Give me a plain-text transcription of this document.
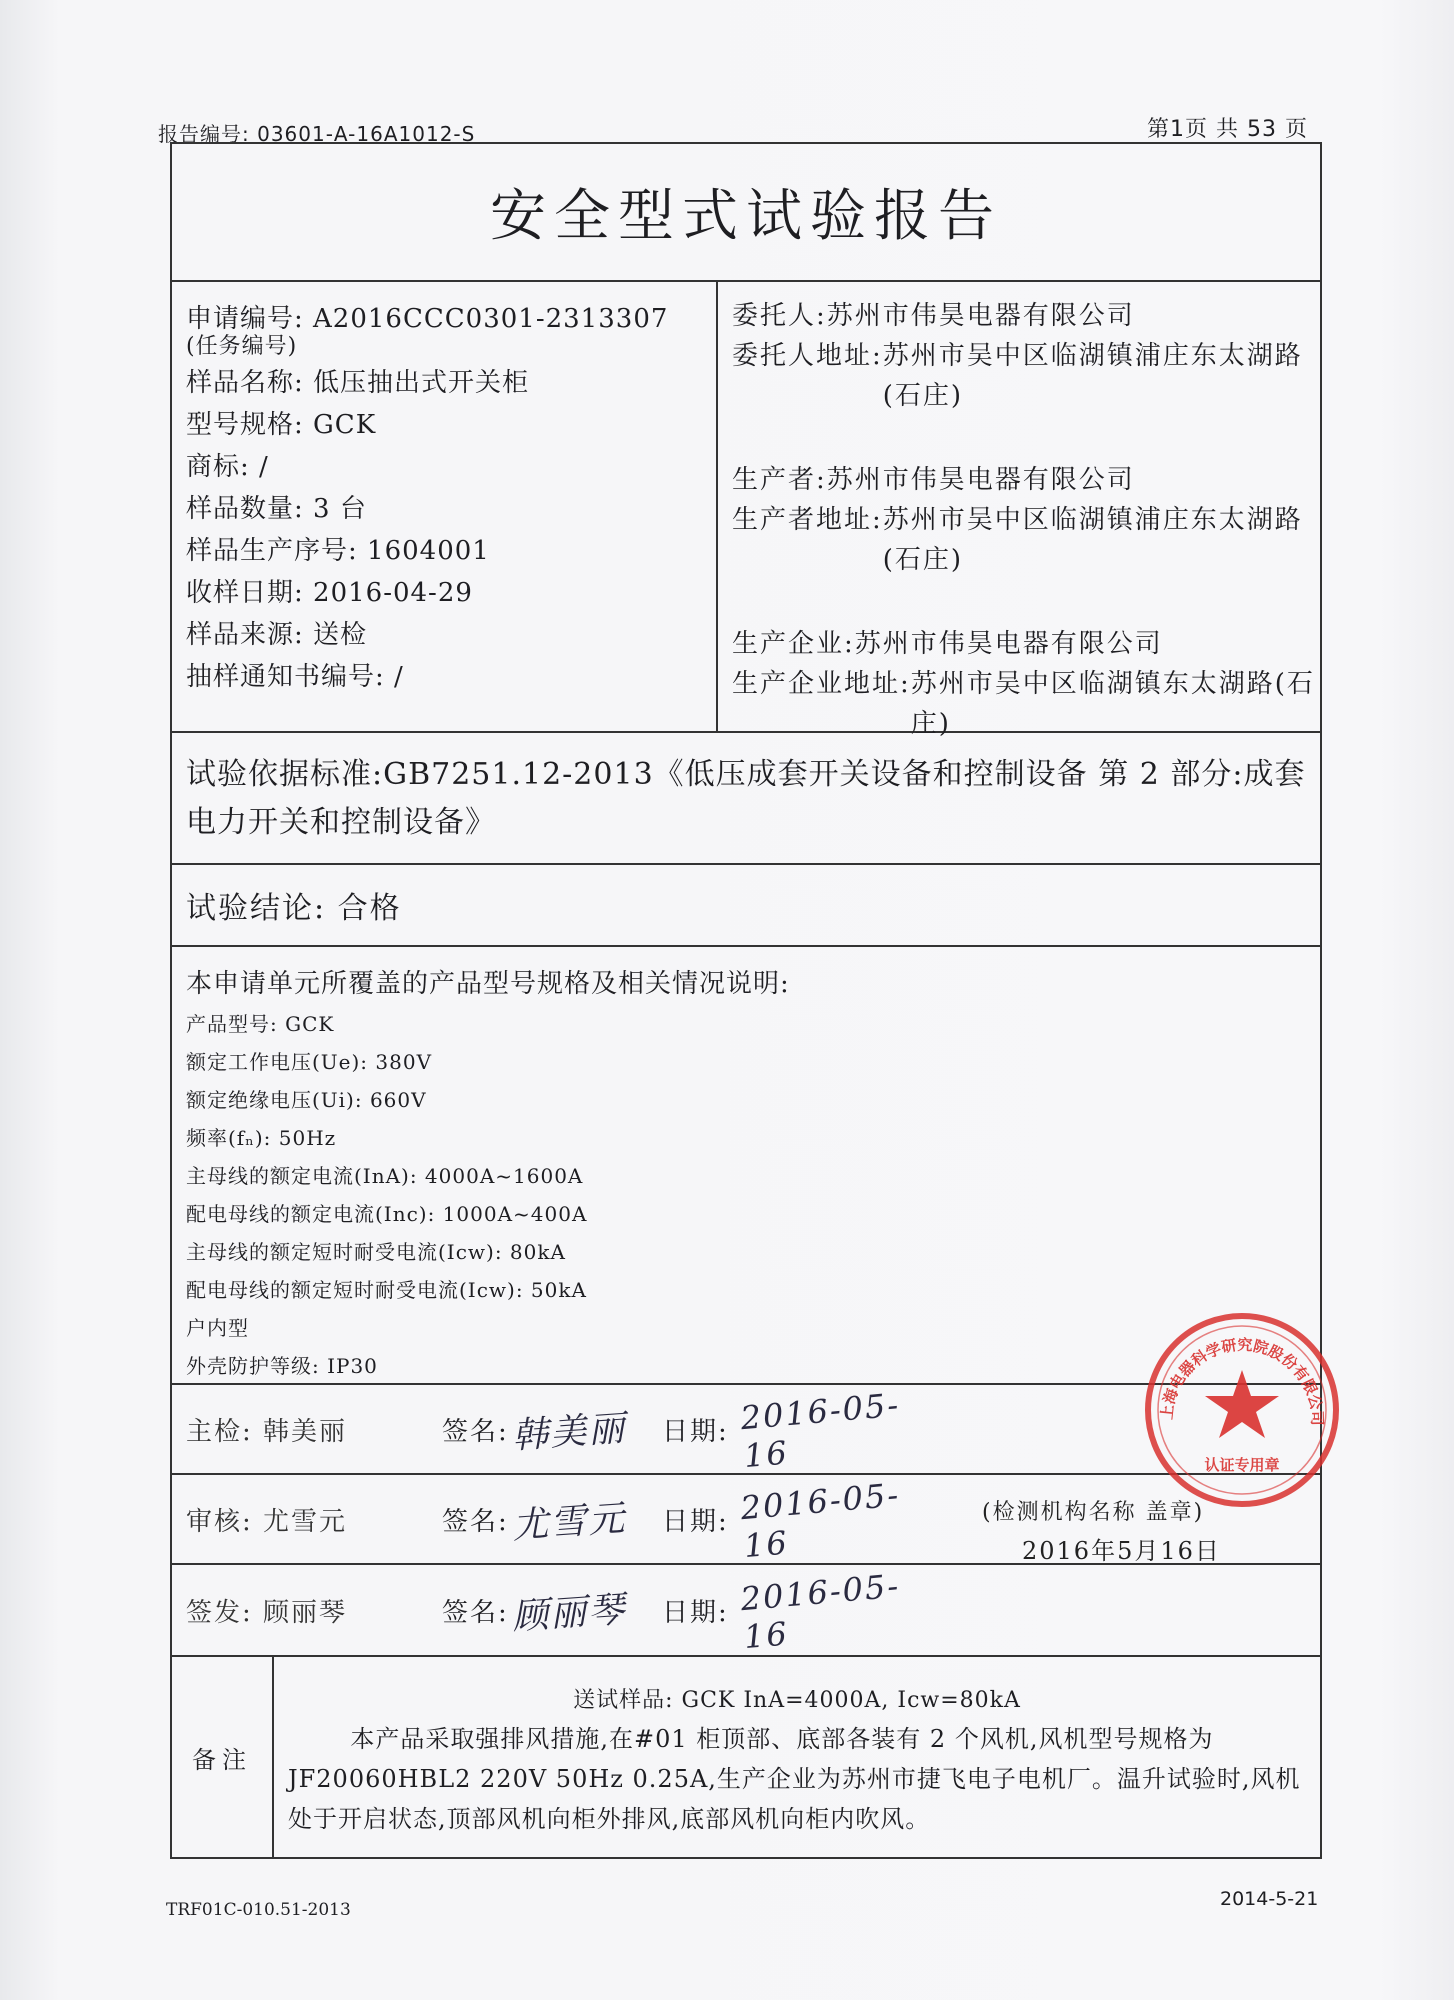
报告编号: 03601-A-16A1012-S	第1页 共 53 页
安全型式试验报告
申请编号: A2016CCC0301-2313307
(任务编号)
样品名称: 低压抽出式开关柜
型号规格: GCK
商标: /
样品数量: 3 台
样品生产序号: 1604001
收样日期: 2016-04-29
样品来源: 送检
抽样通知书编号: /
委托人: 苏州市伟昊电器有限公司
委托人地址: 苏州市吴中区临湖镇浦庄东太湖路(石庄)
生产者: 苏州市伟昊电器有限公司
生产者地址: 苏州市吴中区临湖镇浦庄东太湖路(石庄)
生产企业: 苏州市伟昊电器有限公司
生产企业地址: 苏州市吴中区临湖镇东太湖路(石庄)
试验依据标准:GB7251.12-2013《低压成套开关设备和控制设备 第 2 部分:成套电力开关和控制设备》
试验结论: 合格
本申请单元所覆盖的产品型号规格及相关情况说明:
产品型号: GCK
额定工作电压(Ue): 380V
额定绝缘电压(Ui): 660V
频率(fₙ): 50Hz
主母线的额定电流(InA): 4000A~1600A
配电母线的额定电流(Inc): 1000A~400A
主母线的额定短时耐受电流(Icw): 80kA
配电母线的额定短时耐受电流(Icw): 50kA
户内型
外壳防护等级: IP30
主检: 韩美丽	签名: 韩美丽 日期: 2016-05-16
审核: 尤雪元	签名: 尤雪元 日期: 2016-05-16
签发: 顾丽琴	签名: 顾丽琴 日期: 2016-05-16
上海电器科学研究院股份有限公司
认证专用章
(检测机构名称 盖章)
2016年5月16日
备注
送试样品: GCK InA=4000A, Icw=80kA
本产品采取强排风措施,在#01 柜顶部、底部各装有 2 个风机,风机型号规格为 JF20060HBL2 220V 50Hz 0.25A,生产企业为苏州市捷飞电子电机厂。温升试验时,风机处于开启状态,顶部风机向柜外排风,底部风机向柜内吹风。
TRF01C-010.51-2013	2014-5-21
